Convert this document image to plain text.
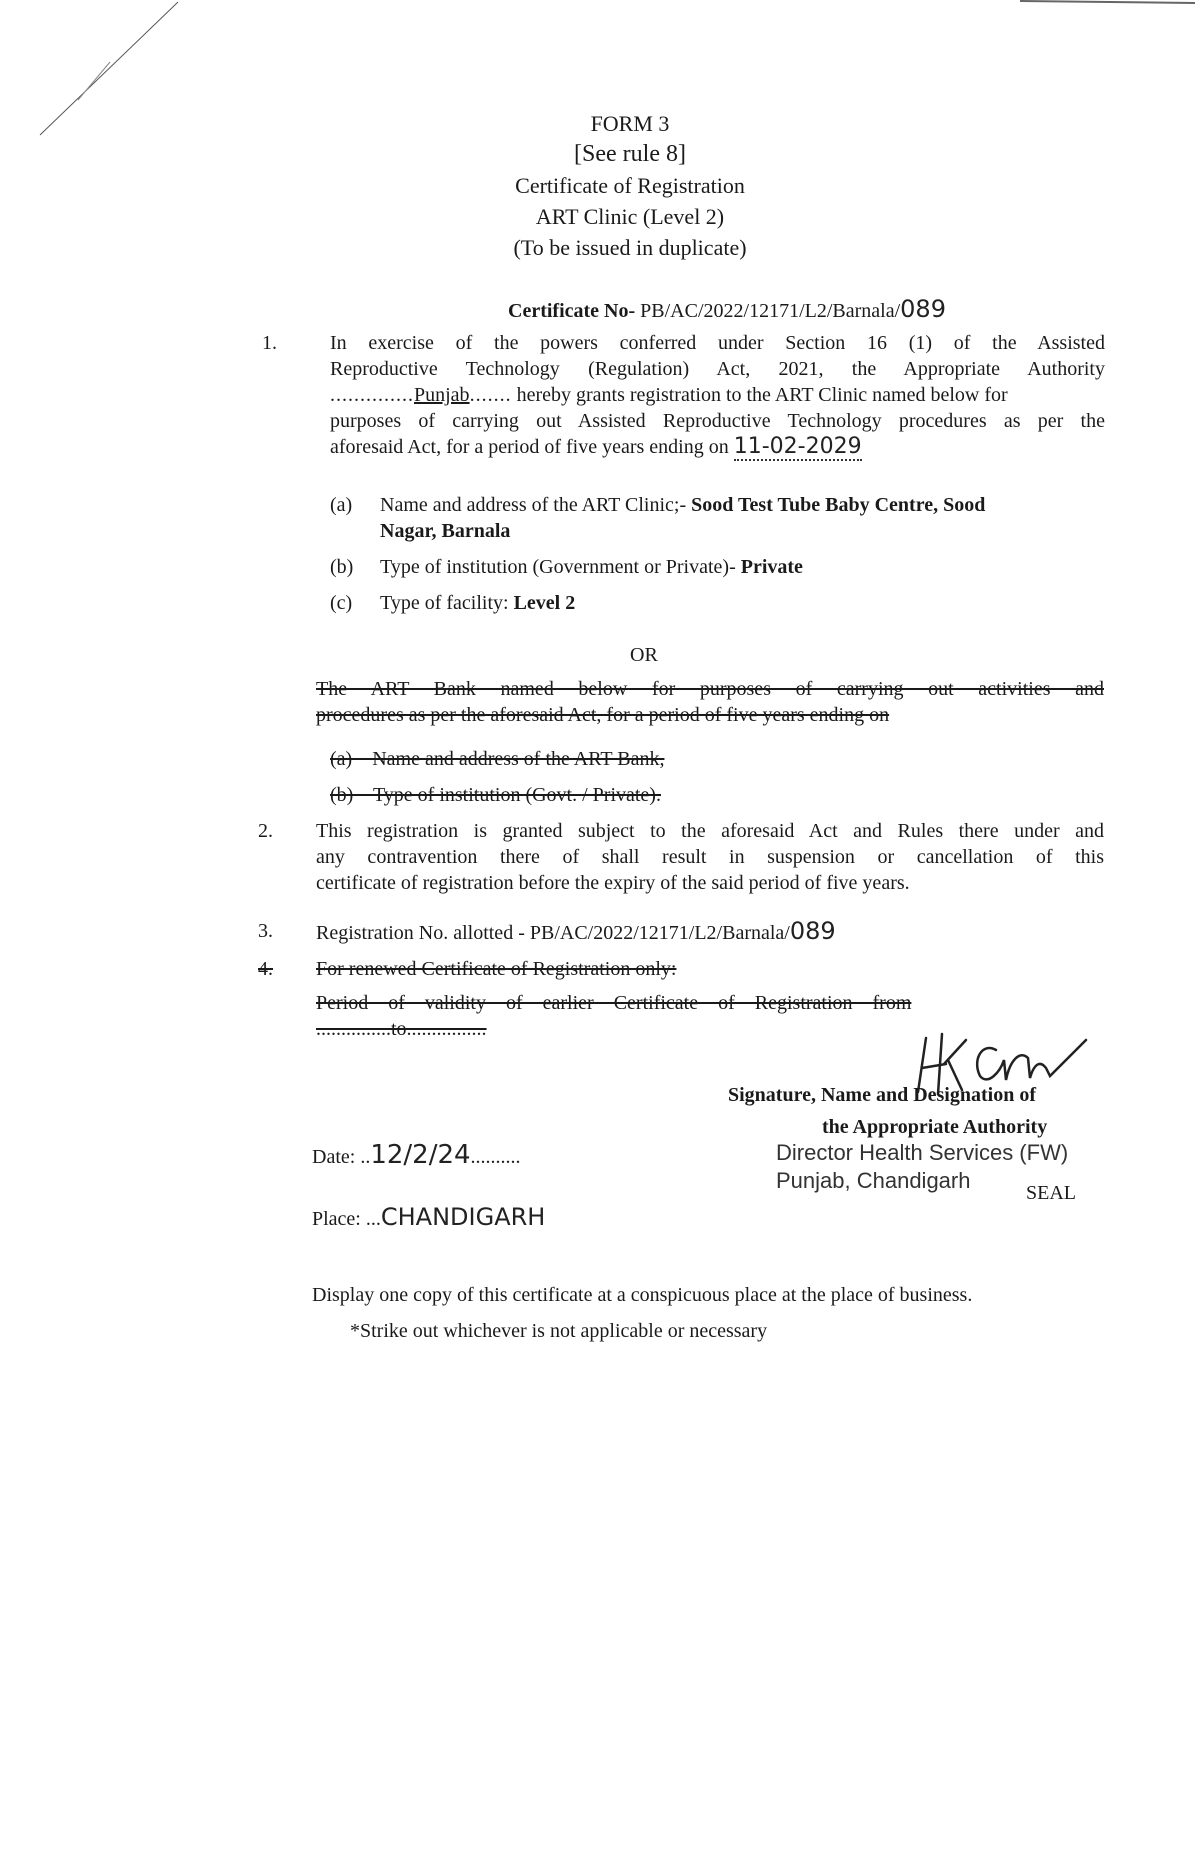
FORM 3
[See rule 8]
Certificate of Registration
ART Clinic (Level 2)
(To be issued in duplicate)
Certificate No- PB/AC/2022/12171/L2/Barnala/089
1.	In exercise of the powers conferred under Section 16 (1) of the Assisted
Reproductive Technology (Regulation) Act, 2021, the Appropriate Authority
..............Punjab....... hereby grants registration to the ART Clinic named below for
purposes of carrying out Assisted Reproductive Technology procedures as per the
aforesaid Act, for a period of five years ending on 11-02-2029
(a) Name and address of the ART Clinic;- Sood Test Tube Baby Centre, Sood
Nagar, Barnala
(b) Type of institution (Government or Private)- Private
(c) Type of facility: Level 2
OR
The ART Bank named below for purposes of carrying out activities and
procedures as per the aforesaid Act, for a period of five years ending on
(a)    Name and address of the ART Bank,
(b)    Type of institution (Govt. / Private).
2. This registration is granted subject to the aforesaid Act and Rules there under and
any contravention there of shall result in suspension or cancellation of this
certificate of registration before the expiry of the said period of five years.
3. Registration No. allotted - PB/AC/2022/12171/L2/Barnala/089
4. For renewed Certificate of Registration only:
Period    of    validity    of    earlier    Certificate    of    Registration    from
...............to................
Signature, Name and Designation of
the Appropriate Authority
Director Health Services (FW)
Punjab, Chandigarh	SEAL
Date: ..12/2/24..........
Place: ...CHANDIGARH
Display one copy of this certificate at a conspicuous place at the place of business.
*Strike out whichever is not applicable or necessary
